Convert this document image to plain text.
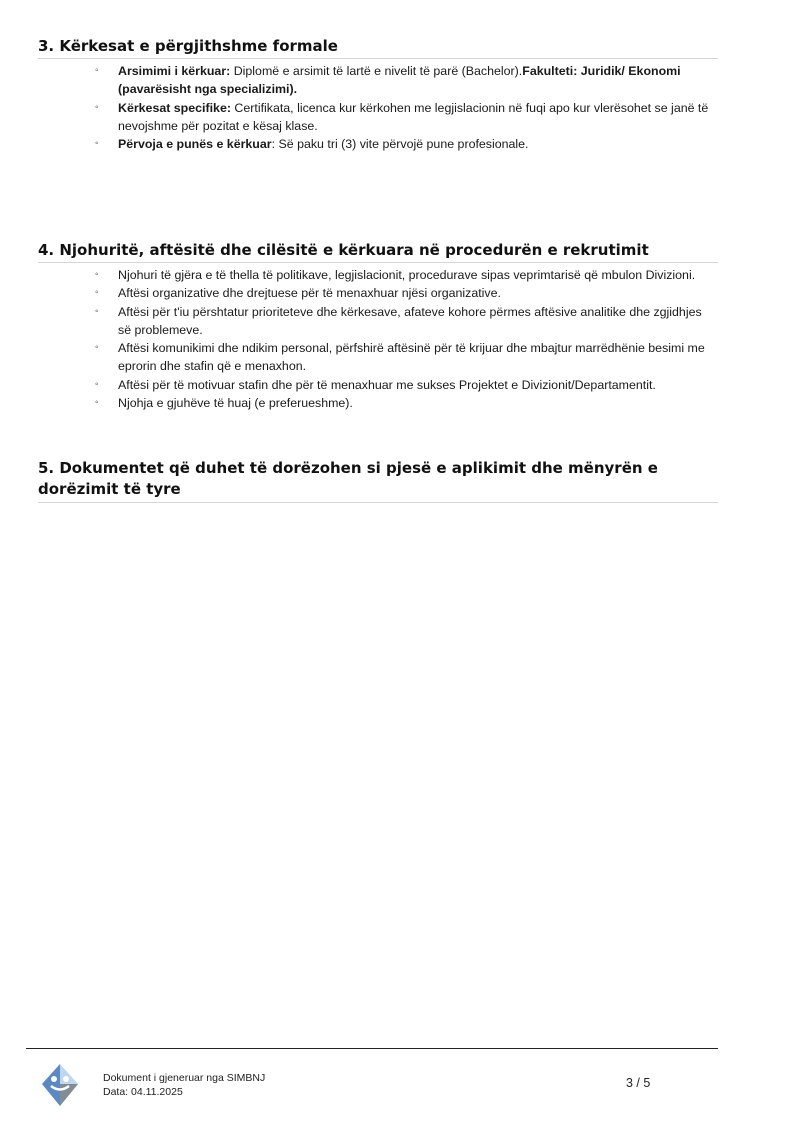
3. Kërkesat e përgjithshme formale
◦ Arsimimi i kërkuar: Diplomë e arsimit të lartë e nivelit të parë (Bachelor).Fakulteti: Juridik/ Ekonomi (pavarësisht nga specializimi).
◦ Kërkesat specifike: Certifikata, licenca kur kërkohen me legjislacionin në fuqi apo kur vlerësohet se janë të nevojshme për pozitat e kësaj klase.
◦ Përvoja e punës e kërkuar: Së paku tri (3) vite përvojë pune profesionale.
4. Njohuritë, aftësitë dhe cilësitë e kërkuara në procedurën e rekrutimit
◦ Njohuri të gjëra e të thella të politikave, legjislacionit, procedurave sipas veprimtarisë që mbulon Divizioni.
◦ Aftësi organizative dhe drejtuese për të menaxhuar njësi organizative.
◦ Aftësi për t'iu përshtatur prioriteteve dhe kërkesave, afateve kohore përmes aftësive analitike dhe zgjidhjes së problemeve.
◦ Aftësi komunikimi dhe ndikim personal, përfshirë aftësinë për të krijuar dhe mbajtur marrëdhënie besimi me eprorin dhe stafin që e menaxhon.
◦ Aftësi për të motivuar stafin dhe për të menaxhuar me sukses Projektet e Divizionit/Departamentit.
◦ Njohja e gjuhëve të huaj (e preferueshme).
5. Dokumentet që duhet të dorëzohen si pjesë e aplikimit dhe mënyrën e dorëzimit të tyre
Dokument i gjeneruar nga SIMBNJ
Data: 04.11.2025
3 / 5
